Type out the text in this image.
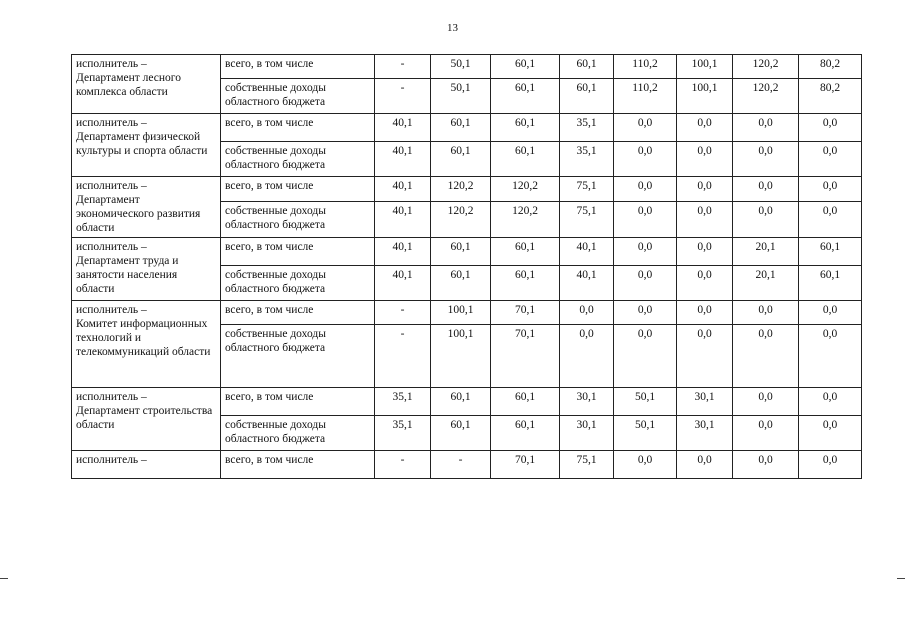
13
исполнитель –
Департамент лесного комплекса области	всего, в том числе	-	50,1	60,1	60,1	110,2	100,1	120,2	80,2
	собственные доходы областного бюджета	-	50,1	60,1	60,1	110,2	100,1	120,2	80,2
исполнитель –
Департамент физической культуры и спорта области	всего, в том числе	40,1	60,1	60,1	35,1	0,0	0,0	0,0	0,0
	собственные доходы областного бюджета	40,1	60,1	60,1	35,1	0,0	0,0	0,0	0,0
исполнитель –
Департамент экономического развития области	всего, в том числе	40,1	120,2	120,2	75,1	0,0	0,0	0,0	0,0
	собственные доходы областного бюджета	40,1	120,2	120,2	75,1	0,0	0,0	0,0	0,0
исполнитель –
Департамент труда и занятости населения области	всего, в том числе	40,1	60,1	60,1	40,1	0,0	0,0	20,1	60,1
	собственные доходы областного бюджета	40,1	60,1	60,1	40,1	0,0	0,0	20,1	60,1
исполнитель –
Комитет информационных технологий и телекоммуникаций области	всего, в том числе	-	100,1	70,1	0,0	0,0	0,0	0,0	0,0
	собственные доходы областного бюджета	-	100,1	70,1	0,0	0,0	0,0	0,0	0,0
исполнитель –
Департамент строительства области	всего, в том числе	35,1	60,1	60,1	30,1	50,1	30,1	0,0	0,0
	собственные доходы областного бюджета	35,1	60,1	60,1	30,1	50,1	30,1	0,0	0,0
исполнитель –	всего, в том числе	-	-	70,1	75,1	0,0	0,0	0,0	0,0
